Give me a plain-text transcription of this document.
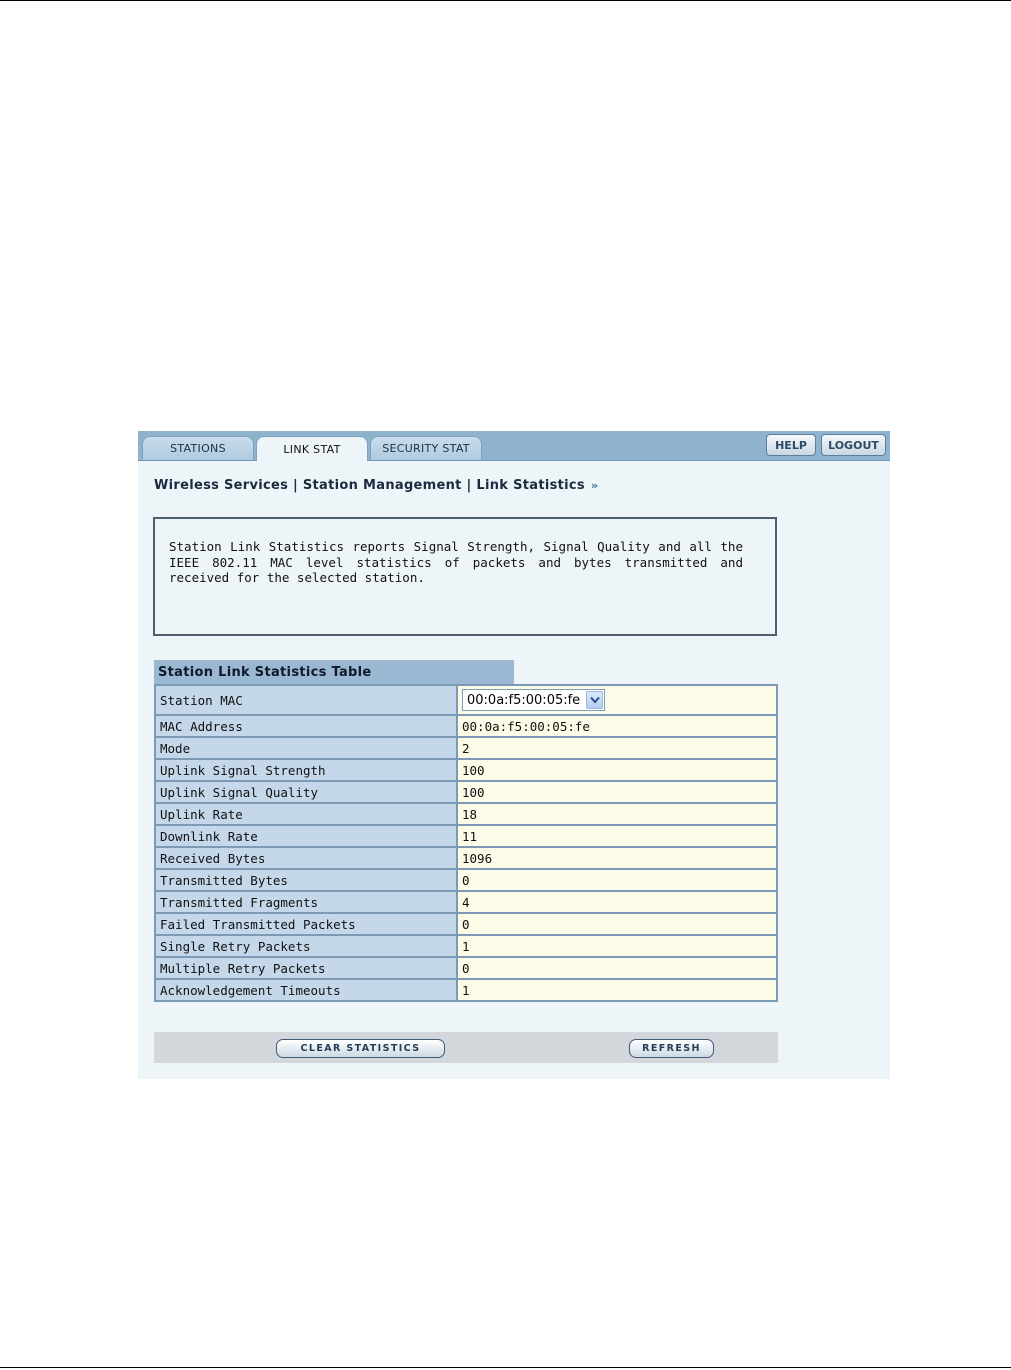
STATIONS	LINK STAT	SECURITY STAT	HELP	LOGOUT
Wireless Services | Station Management | Link Statistics »
Station Link Statistics reports Signal Strength, Signal Quality and all the IEEE 802.11 MAC level statistics of packets and bytes transmitted and received for the selected station.
Station Link Statistics Table
Station MAC	00:0a:f5:00:05:fe

MAC Address	00:0a:f5:00:05:fe
Mode	2
Uplink Signal Strength	100
Uplink Signal Quality	100
Uplink Rate	18
Downlink Rate	11
Received Bytes	1096
Transmitted Bytes	0
Transmitted Fragments	4
Failed Transmitted Packets	0
Single Retry Packets	1
Multiple Retry Packets	0
Acknowledgement Timeouts	1
CLEAR STATISTICS	REFRESH
